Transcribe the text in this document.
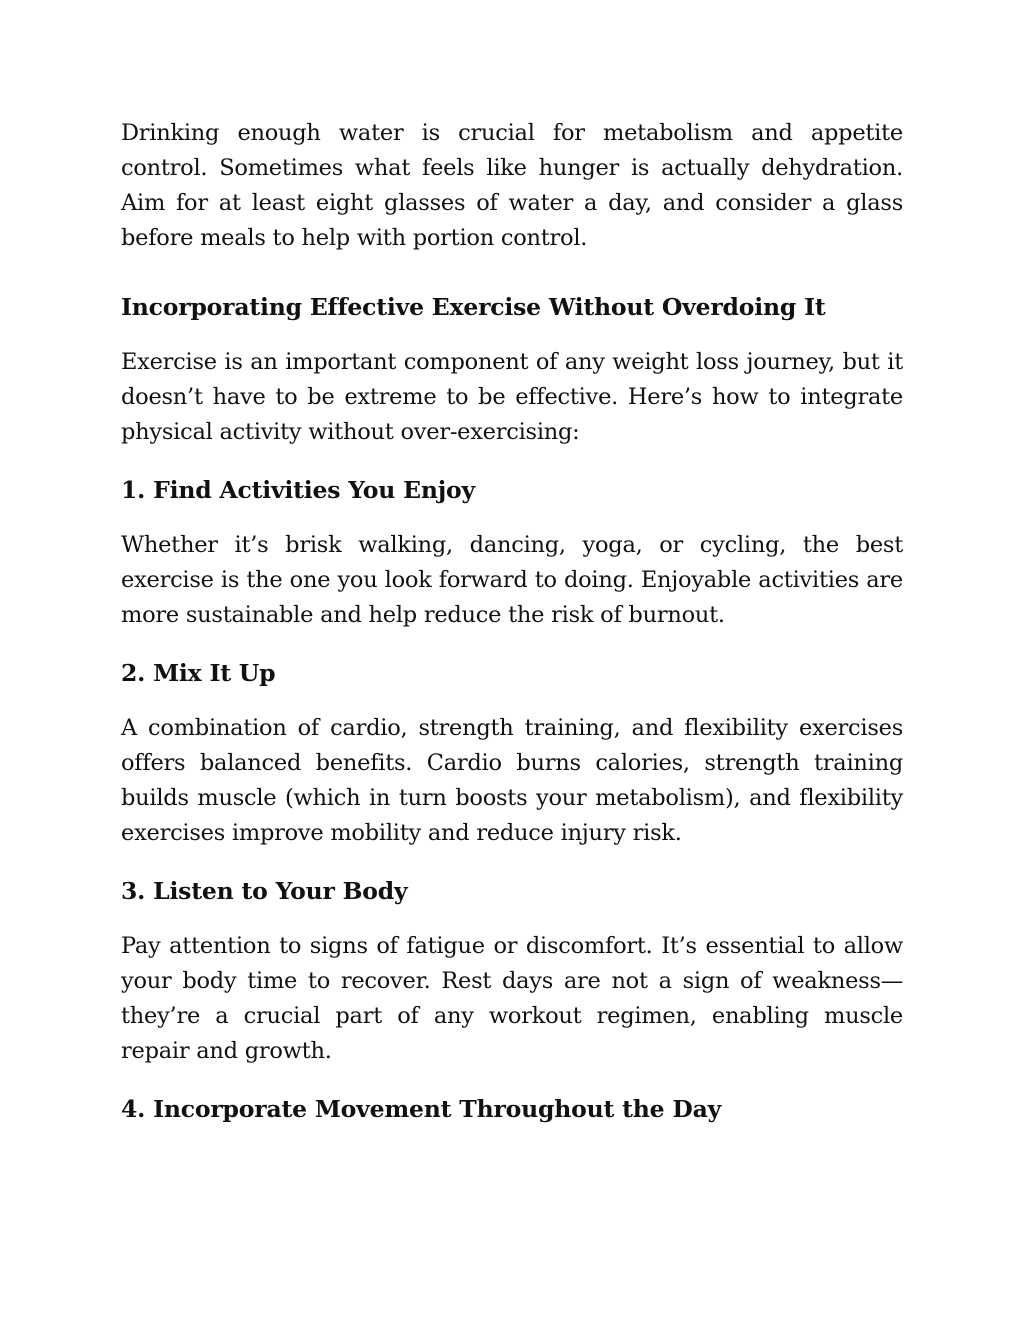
Drinking enough water is crucial for metabolism and appetite control. Sometimes what feels like hunger is actually dehydration. Aim for at least eight glasses of water a day, and consider a glass before meals to help with portion control.

Incorporating Effective Exercise Without Overdoing It

Exercise is an important component of any weight loss journey, but it doesn’t have to be extreme to be effective. Here’s how to integrate physical activity without over-exercising:

1. Find Activities You Enjoy

Whether it’s brisk walking, dancing, yoga, or cycling, the best exercise is the one you look forward to doing. Enjoyable activities are more sustainable and help reduce the risk of burnout.

2. Mix It Up

A combination of cardio, strength training, and flexibility exercises offers balanced benefits. Cardio burns calories, strength training builds muscle (which in turn boosts your metabolism), and flexibility exercises improve mobility and reduce injury risk.

3. Listen to Your Body

Pay attention to signs of fatigue or discomfort. It’s essential to allow your body time to recover. Rest days are not a sign of weakness—they’re a crucial part of any workout regimen, enabling muscle repair and growth.

4. Incorporate Movement Throughout the Day
